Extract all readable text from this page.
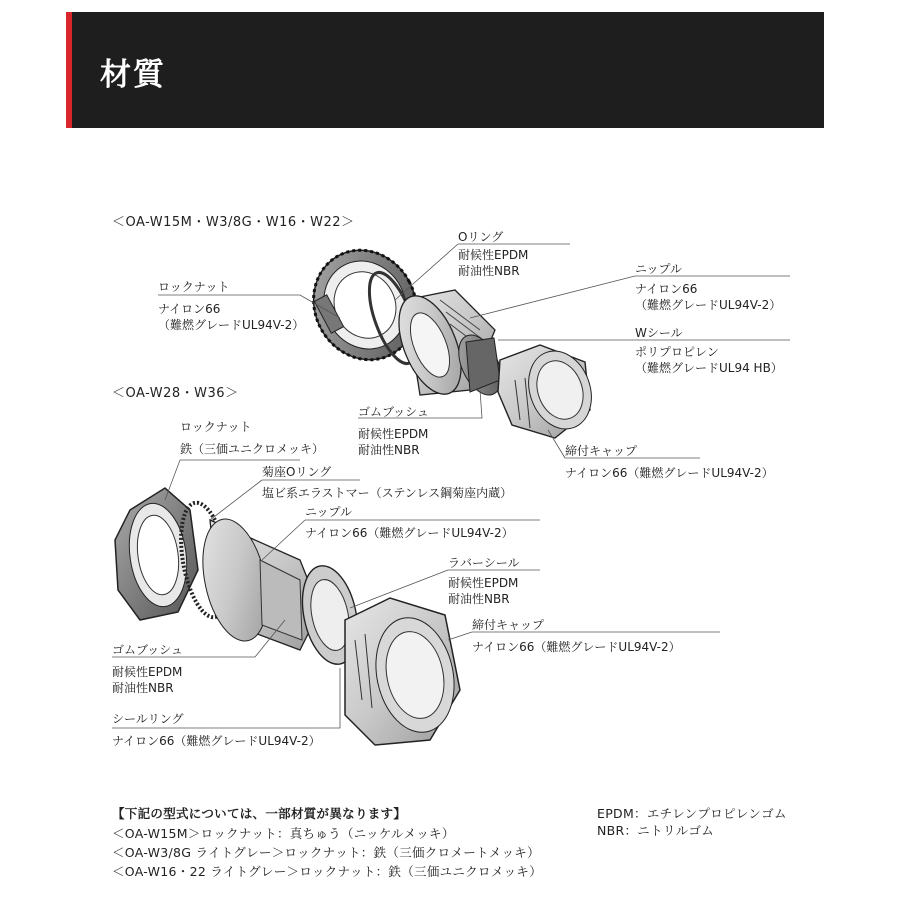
材質
＜OA-W15M・W3/8G・W16・W22＞
Oリング
耐候性EPDM
耐油性NBR	ニップル
ナイロン66
（難燃グレードUL94V-2）
ロックナット
ナイロン66
（難燃グレードUL94V-2）
Wシール
ポリプロピレン
（難燃グレードUL94 HB）
ゴムブッシュ
耐候性EPDM
耐油性NBR	締付キャップ
ナイロン66（難燃グレードUL94V-2）
＜OA-W28・W36＞
ロックナット
鉄（三価ユニクロメッキ）
菊座Oリング
塩ビ系エラストマー（ステンレス鋼菊座内蔵）
ニップル
ナイロン66（難燃グレードUL94V-2）
ラバーシール
耐候性EPDM
耐油性NBR
締付キャップ
ナイロン66（難燃グレードUL94V-2）
ゴムブッシュ
耐候性EPDM
耐油性NBR
シールリング
ナイロン66（難燃グレードUL94V-2）
【下記の型式については、一部材質が異なります】
＜OA-W15M＞ロックナット：真ちゅう（ニッケルメッキ）
＜OA-W3/8G ライトグレー＞ロックナット：鉄（三価クロメートメッキ）
＜OA-W16・22 ライトグレー＞ロックナット：鉄（三価ユニクロメッキ）
EPDM：エチレンプロピレンゴム
NBR：ニトリルゴム
